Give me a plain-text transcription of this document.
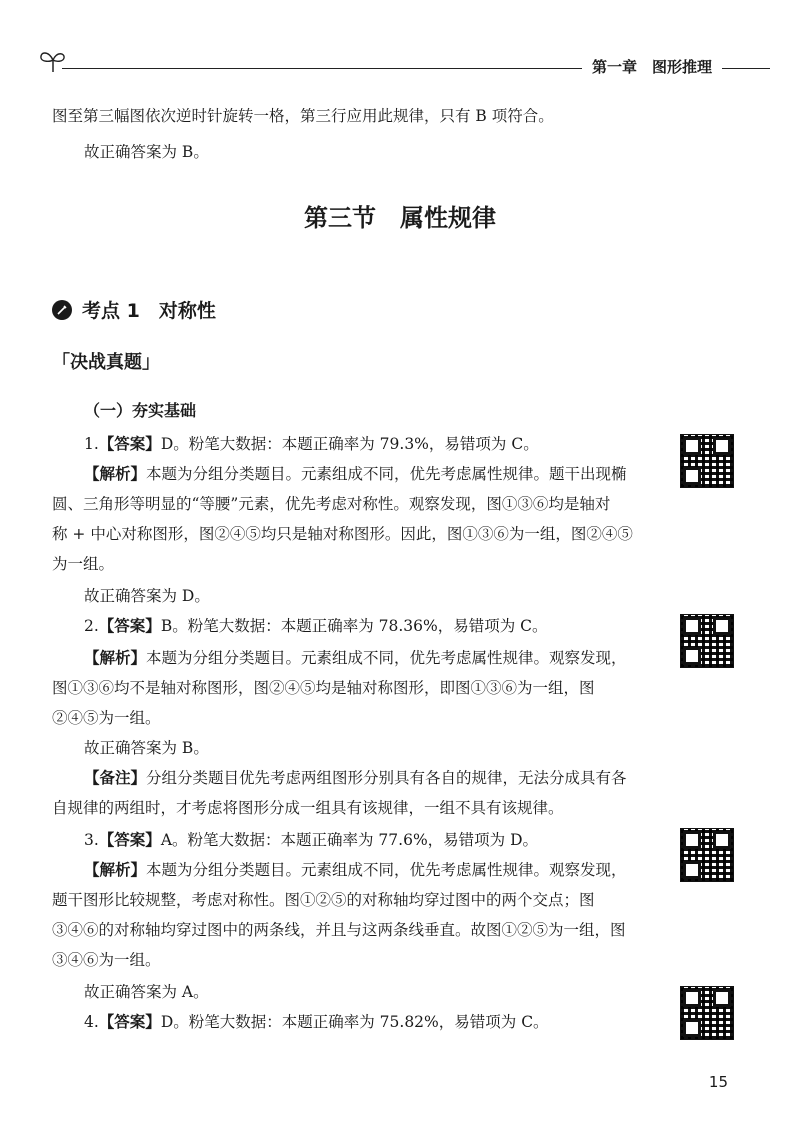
第一章　图形推理
图至第三幅图依次逆时针旋转一格，第三行应用此规律，只有 B 项符合。
故正确答案为 B。
第三节　属性规律
考点 1　对称性
「决战真题」
（一）夯实基础
1.【答案】D。粉笔大数据：本题正确率为 79.3%，易错项为 C。
【解析】本题为分组分类题目。元素组成不同，优先考虑属性规律。题干出现椭
圆、三角形等明显的“等腰”元素，优先考虑对称性。观察发现，图①③⑥均是轴对
称 + 中心对称图形，图②④⑤均只是轴对称图形。因此，图①③⑥为一组，图②④⑤
为一组。
故正确答案为 D。
2.【答案】B。粉笔大数据：本题正确率为 78.36%，易错项为 C。
【解析】本题为分组分类题目。元素组成不同，优先考虑属性规律。观察发现，
图①③⑥均不是轴对称图形，图②④⑤均是轴对称图形，即图①③⑥为一组，图
②④⑤为一组。
故正确答案为 B。
【备注】分组分类题目优先考虑两组图形分别具有各自的规律，无法分成具有各
自规律的两组时，才考虑将图形分成一组具有该规律，一组不具有该规律。
3.【答案】A。粉笔大数据：本题正确率为 77.6%，易错项为 D。
【解析】本题为分组分类题目。元素组成不同，优先考虑属性规律。观察发现，
题干图形比较规整，考虑对称性。图①②⑤的对称轴均穿过图中的两个交点；图
③④⑥的对称轴均穿过图中的两条线，并且与这两条线垂直。故图①②⑤为一组，图
③④⑥为一组。
故正确答案为 A。
4.【答案】D。粉笔大数据：本题正确率为 75.82%，易错项为 C。
15
